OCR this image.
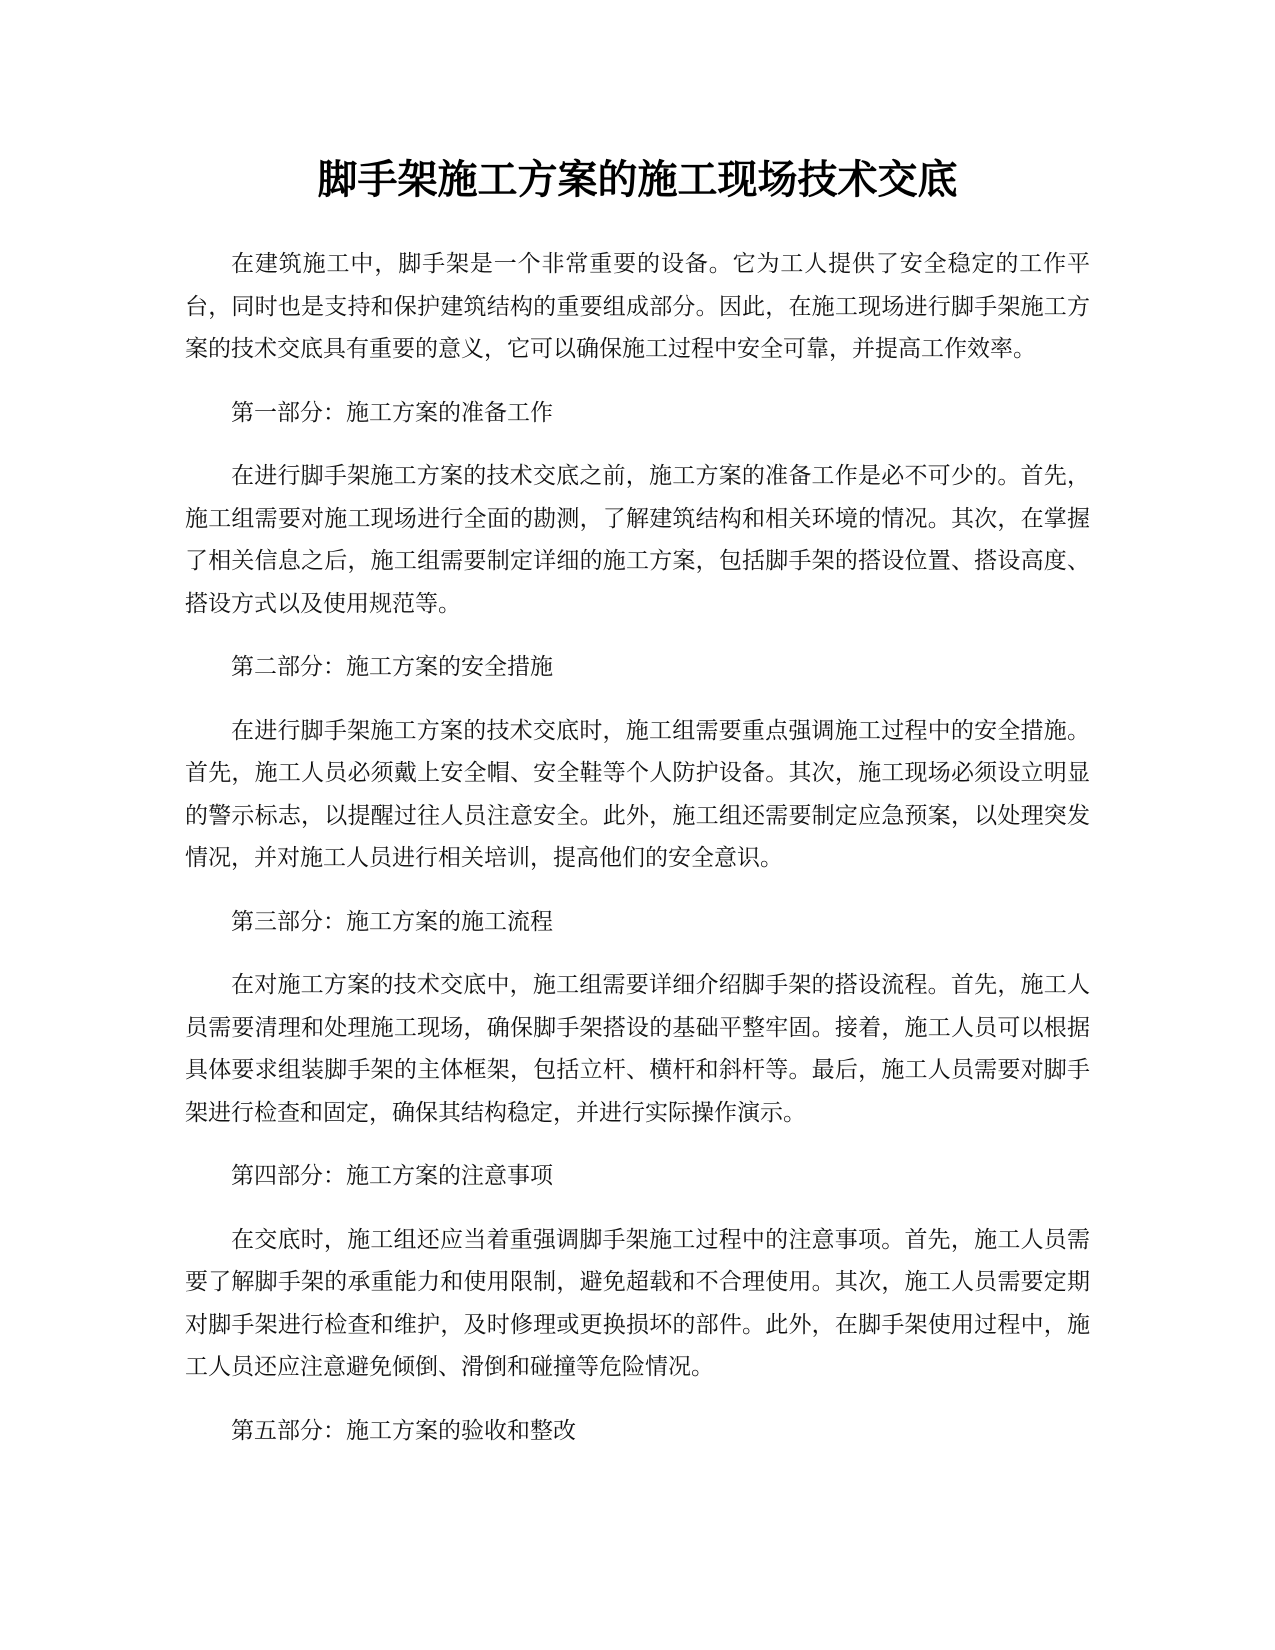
脚手架施工方案的施工现场技术交底

在建筑施工中，脚手架是一个非常重要的设备。它为工人提供了安全稳定的工作平台，同时也是支持和保护建筑结构的重要组成部分。因此，在施工现场进行脚手架施工方案的技术交底具有重要的意义，它可以确保施工过程中安全可靠，并提高工作效率。

第一部分：施工方案的准备工作

在进行脚手架施工方案的技术交底之前，施工方案的准备工作是必不可少的。首先，施工组需要对施工现场进行全面的勘测，了解建筑结构和相关环境的情况。其次，在掌握了相关信息之后，施工组需要制定详细的施工方案，包括脚手架的搭设位置、搭设高度、搭设方式以及使用规范等。

第二部分：施工方案的安全措施

在进行脚手架施工方案的技术交底时，施工组需要重点强调施工过程中的安全措施。首先，施工人员必须戴上安全帽、安全鞋等个人防护设备。其次，施工现场必须设立明显的警示标志，以提醒过往人员注意安全。此外，施工组还需要制定应急预案，以处理突发情况，并对施工人员进行相关培训，提高他们的安全意识。

第三部分：施工方案的施工流程

在对施工方案的技术交底中，施工组需要详细介绍脚手架的搭设流程。首先，施工人员需要清理和处理施工现场，确保脚手架搭设的基础平整牢固。接着，施工人员可以根据具体要求组装脚手架的主体框架，包括立杆、横杆和斜杆等。最后，施工人员需要对脚手架进行检查和固定，确保其结构稳定，并进行实际操作演示。

第四部分：施工方案的注意事项

在交底时，施工组还应当着重强调脚手架施工过程中的注意事项。首先，施工人员需要了解脚手架的承重能力和使用限制，避免超载和不合理使用。其次，施工人员需要定期对脚手架进行检查和维护，及时修理或更换损坏的部件。此外，在脚手架使用过程中，施工人员还应注意避免倾倒、滑倒和碰撞等危险情况。

第五部分：施工方案的验收和整改
